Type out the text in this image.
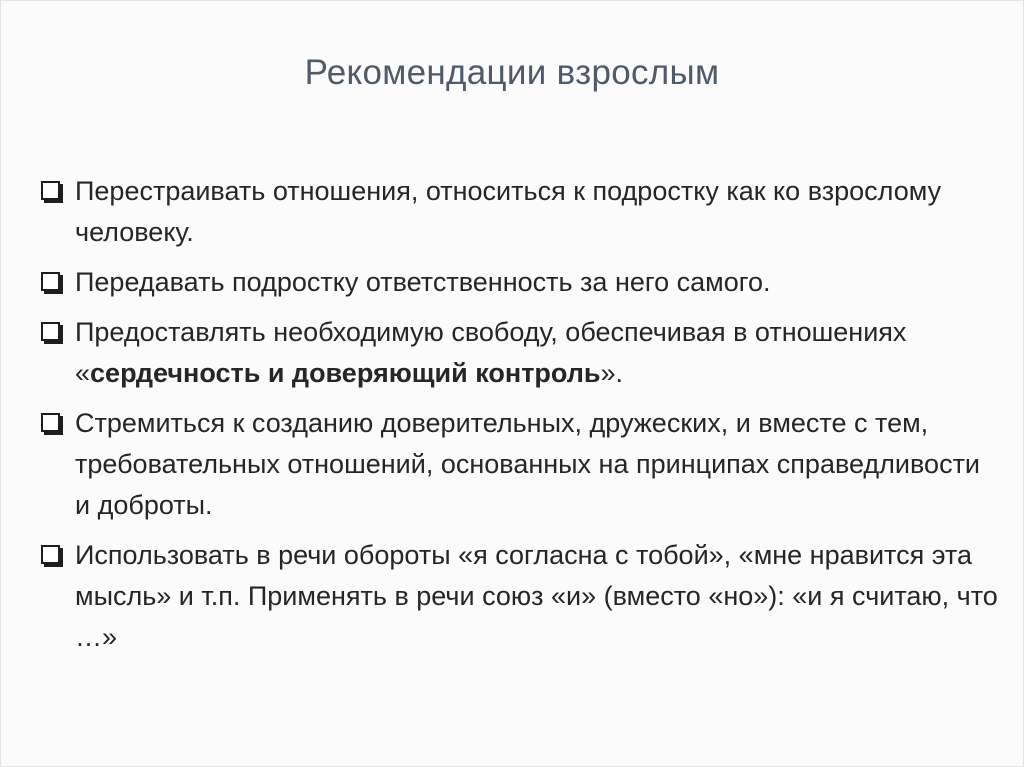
Рекомендации взрослым
Перестраивать отношения, относиться к подростку как ко взрослому человеку.
Передавать подростку ответственность за него самого.
Предоставлять необходимую свободу, обеспечивая в отношениях «сердечность и доверяющий контроль».
Стремиться к созданию доверительных, дружеских, и вместе с тем, требовательных отношений, основанных на принципах справедливости и доброты.
Использовать в речи обороты «я согласна с тобой», «мне нравится эта мысль» и т.п. Применять в речи союз «и» (вместо «но»): «и я считаю, что …»
